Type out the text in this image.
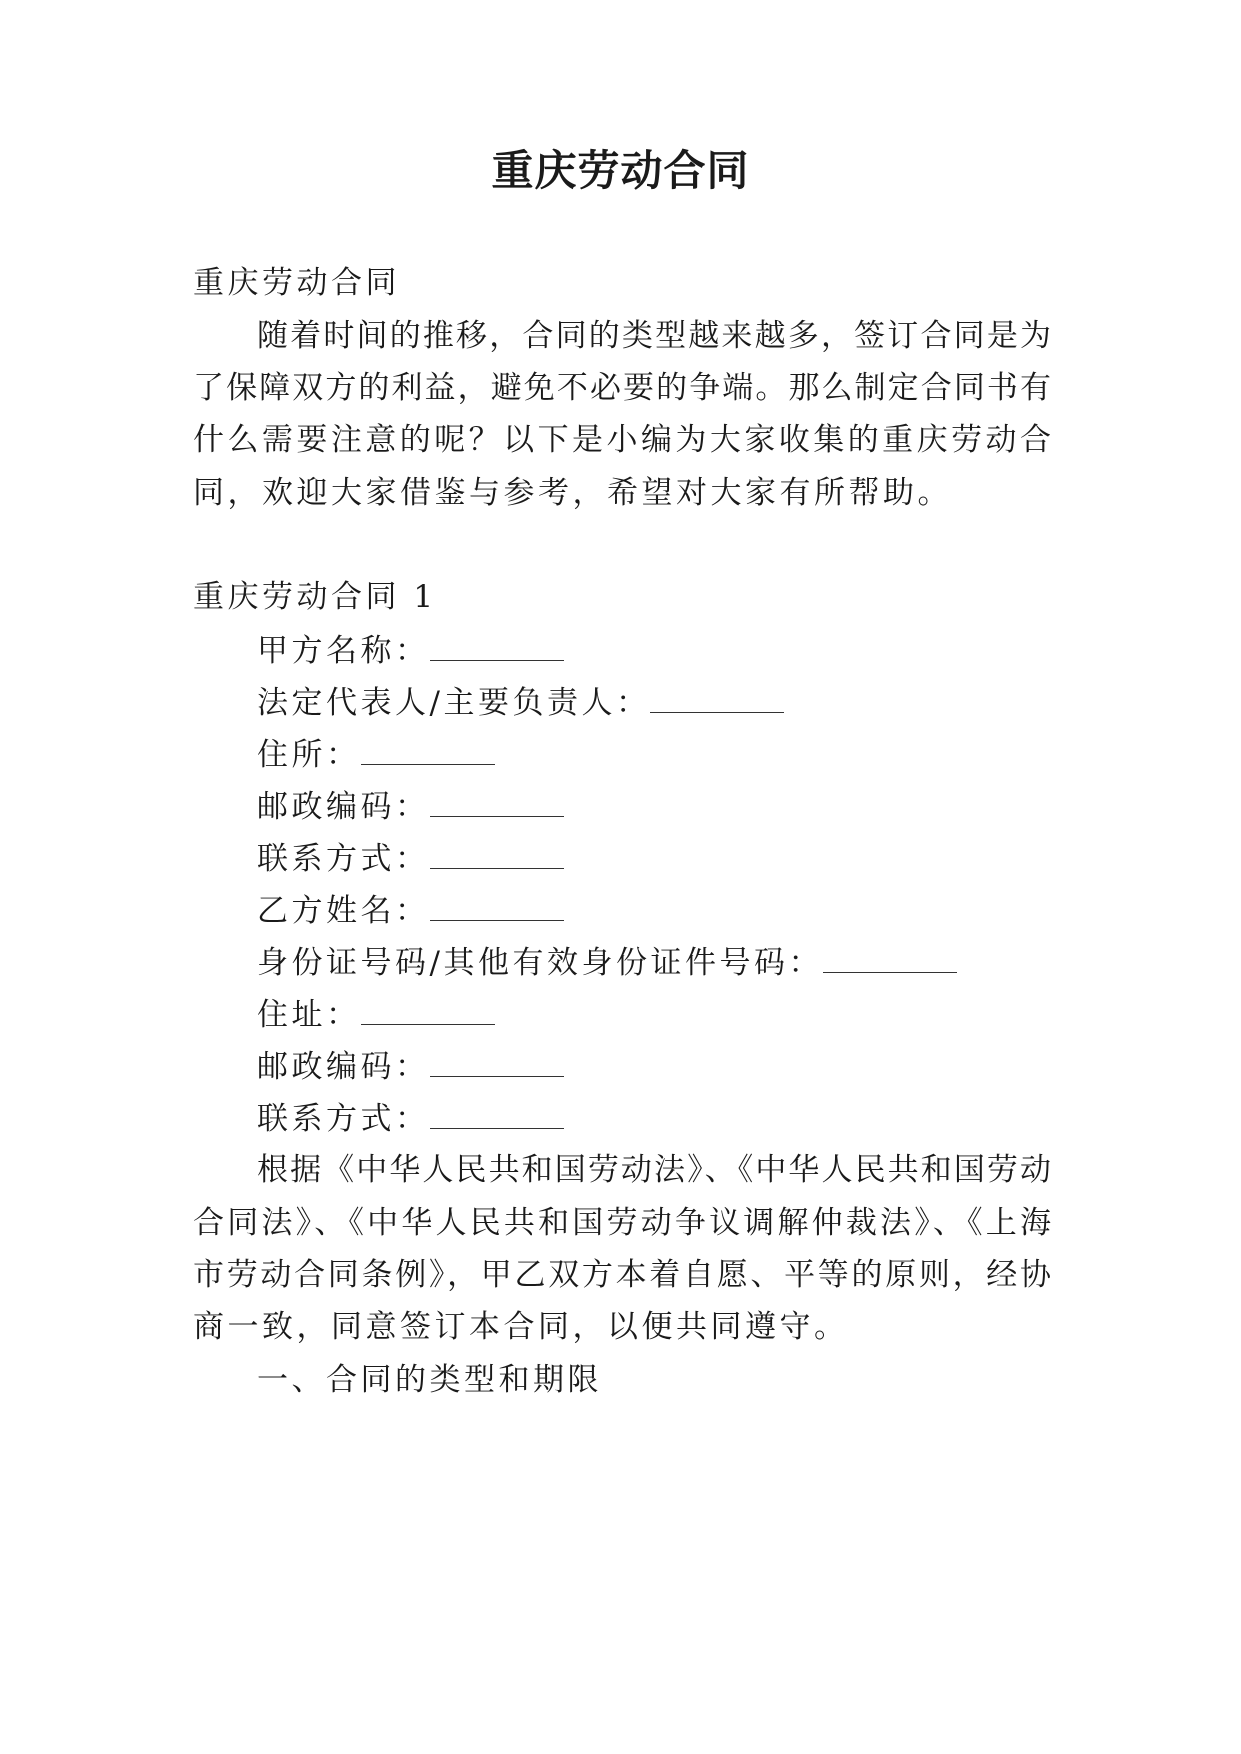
重庆劳动合同
重庆劳动合同
随着时间的推移，合同的类型越来越多，签订合同是为
了保障双方的利益，避免不必要的争端。那么制定合同书有
什么需要注意的呢？以下是小编为大家收集的重庆劳动合
同，欢迎大家借鉴与参考，希望对大家有所帮助。
重庆劳动合同 1
甲方名称：
法定代表人/主要负责人：
住所：
邮政编码：
联系方式：
乙方姓名：
身份证号码/其他有效身份证件号码：
住址：
邮政编码：
联系方式：
根据《中华人民共和国劳动法》、《中华人民共和国劳动
合同法》、《中华人民共和国劳动争议调解仲裁法》、《上海
市劳动合同条例》，甲乙双方本着自愿、平等的原则，经协
商一致，同意签订本合同，以便共同遵守。
一、合同的类型和期限
